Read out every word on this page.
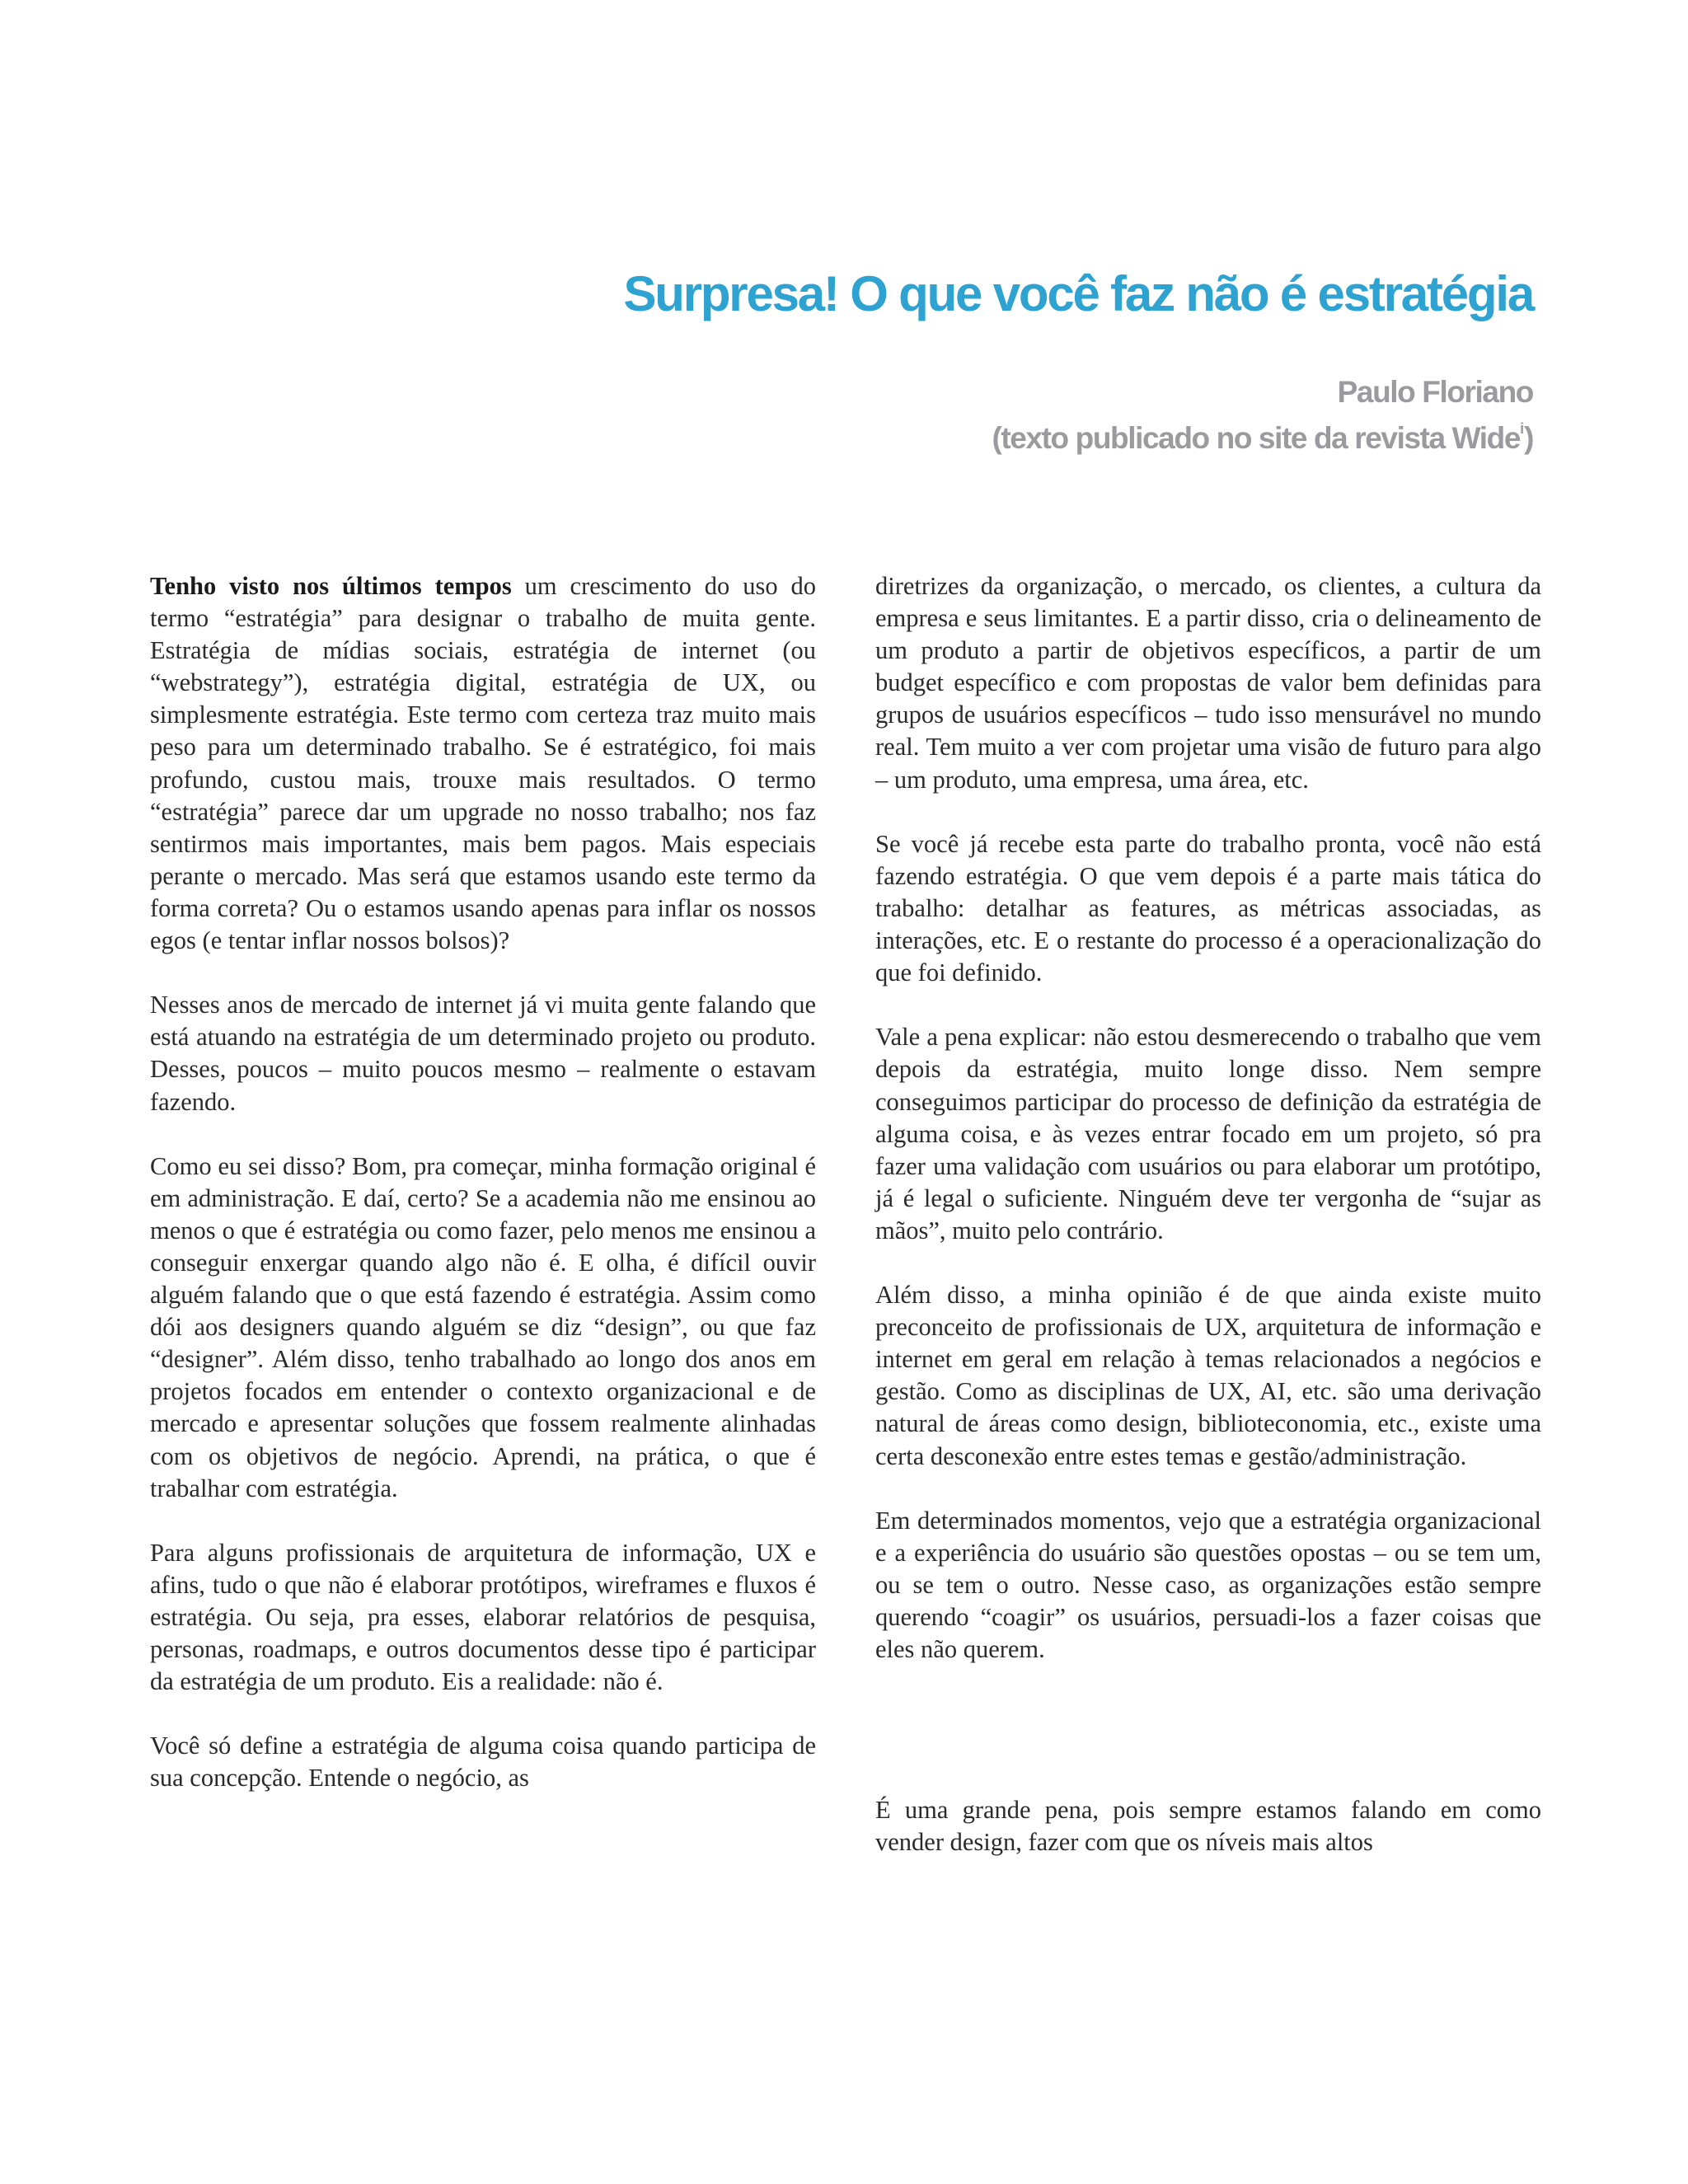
Surpresa! O que você faz não é estratégia
Paulo Floriano
(texto publicado no site da revista Wide$^i$)

Tenho visto nos últimos tempos um crescimento do uso do termo “estratégia” para designar o trabalho de muita gente. Estratégia de mídias sociais, estratégia de internet (ou “webstrategy”), estratégia digital, estratégia de UX, ou simplesmente estratégia. Este termo com certeza traz muito mais peso para um determinado trabalho. Se é estratégico, foi mais profundo, custou mais, trouxe mais resultados. O termo “estratégia” parece dar um upgrade no nosso trabalho; nos faz sentirmos mais importantes, mais bem pagos. Mais especiais perante o mercado. Mas será que estamos usando este termo da forma correta? Ou o estamos usando apenas para inflar os nossos egos (e tentar inflar nossos bolsos)?

Nesses anos de mercado de internet já vi muita gente falando que está atuando na estratégia de um determinado projeto ou produto. Desses, poucos – muito poucos mesmo – realmente o estavam fazendo.

Como eu sei disso? Bom, pra começar, minha formação original é em administração. E daí, certo? Se a academia não me ensinou ao menos o que é estratégia ou como fazer, pelo menos me ensinou a conseguir enxergar quando algo não é. E olha, é difícil ouvir alguém falando que o que está fazendo é estratégia. Assim como dói aos designers quando alguém se diz “design”, ou que faz “designer”. Além disso, tenho trabalhado ao longo dos anos em projetos focados em entender o contexto organizacional e de mercado e apresentar soluções que fossem realmente alinhadas com os objetivos de negócio. Aprendi, na prática, o que é trabalhar com estratégia.

Para alguns profissionais de arquitetura de informação, UX e afins, tudo o que não é elaborar protótipos, wireframes e fluxos é estratégia. Ou seja, pra esses, elaborar relatórios de pesquisa, personas, roadmaps, e outros documentos desse tipo é participar da estratégia de um produto. Eis a realidade: não é.

Você só define a estratégia de alguma coisa quando participa de sua concepção. Entende o negócio, as

diretrizes da organização, o mercado, os clientes, a cultura da empresa e seus limitantes. E a partir disso, cria o delineamento de um produto a partir de objetivos específicos, a partir de um budget específico e com propostas de valor bem definidas para grupos de usuários específicos – tudo isso mensurável no mundo real. Tem muito a ver com projetar uma visão de futuro para algo – um produto, uma empresa, uma área, etc.

Se você já recebe esta parte do trabalho pronta, você não está fazendo estratégia. O que vem depois é a parte mais tática do trabalho: detalhar as features, as métricas associadas, as interações, etc. E o restante do processo é a operacionalização do que foi definido.

Vale a pena explicar: não estou desmerecendo o trabalho que vem depois da estratégia, muito longe disso. Nem sempre conseguimos participar do processo de definição da estratégia de alguma coisa, e às vezes entrar focado em um projeto, só pra fazer uma validação com usuários ou para elaborar um protótipo, já é legal o suficiente. Ninguém deve ter vergonha de “sujar as mãos”, muito pelo contrário.

Além disso, a minha opinião é de que ainda existe muito preconceito de profissionais de UX, arquitetura de informação e internet em geral em relação à temas relacionados a negócios e gestão. Como as disciplinas de UX, AI, etc. são uma derivação natural de áreas como design, biblioteconomia, etc., existe uma certa desconexão entre estes temas e gestão/administração.

Em determinados momentos, vejo que a estratégia organizacional e a experiência do usuário são questões opostas – ou se tem um, ou se tem o outro. Nesse caso, as organizações estão sempre querendo “coagir” os usuários, persuadi-los a fazer coisas que eles não querem.

É uma grande pena, pois sempre estamos falando em como vender design, fazer com que os níveis mais altos
